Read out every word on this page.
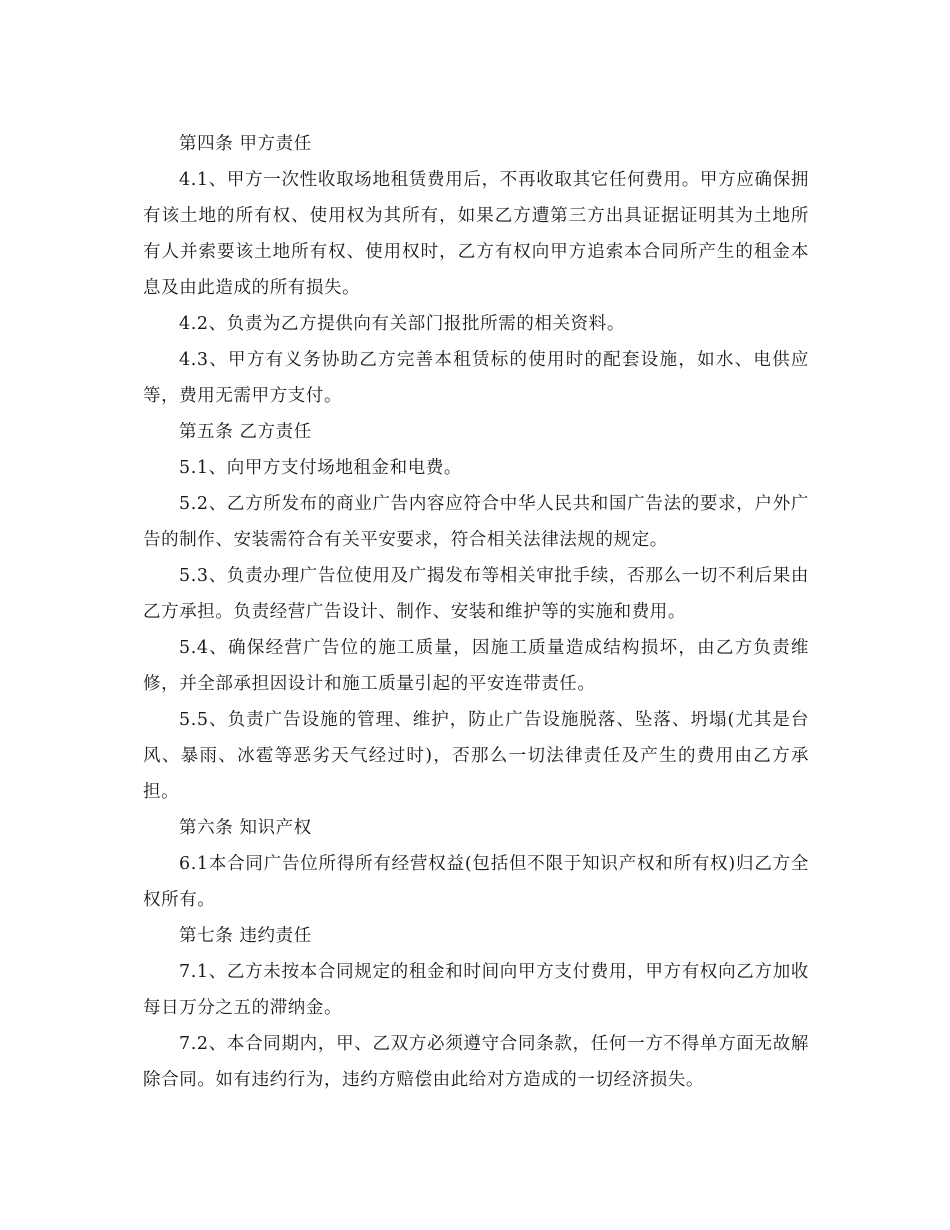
第四条 甲方责任

4.1、甲方一次性收取场地租赁费用后，不再收取其它任何费用。甲方应确保拥有该土地的所有权、使用权为其所有，如果乙方遭第三方出具证据证明其为土地所有人并索要该土地所有权、使用权时，乙方有权向甲方追索本合同所产生的租金本息及由此造成的所有损失。

4.2、负责为乙方提供向有关部门报批所需的相关资料。

4.3、甲方有义务协助乙方完善本租赁标的使用时的配套设施，如水、电供应等，费用无需甲方支付。

第五条 乙方责任

5.1、向甲方支付场地租金和电费。

5.2、乙方所发布的商业广告内容应符合中华人民共和国广告法的要求，户外广告的制作、安装需符合有关平安要求，符合相关法律法规的规定。

5.3、负责办理广告位使用及广揭发布等相关审批手续，否那么一切不利后果由乙方承担。负责经营广告设计、制作、安装和维护等的实施和费用。

5.4、确保经营广告位的施工质量，因施工质量造成结构损坏，由乙方负责维修，并全部承担因设计和施工质量引起的平安连带责任。

5.5、负责广告设施的管理、维护，防止广告设施脱落、坠落、坍塌(尤其是台风、暴雨、冰雹等恶劣天气经过时)，否那么一切法律责任及产生的费用由乙方承担。

第六条 知识产权

6.1本合同广告位所得所有经营权益(包括但不限于知识产权和所有权)归乙方全权所有。

第七条 违约责任

7.1、乙方未按本合同规定的租金和时间向甲方支付费用，甲方有权向乙方加收每日万分之五的滞纳金。

7.2、本合同期内，甲、乙双方必须遵守合同条款，任何一方不得单方面无故解除合同。如有违约行为，违约方赔偿由此给对方造成的一切经济损失。
